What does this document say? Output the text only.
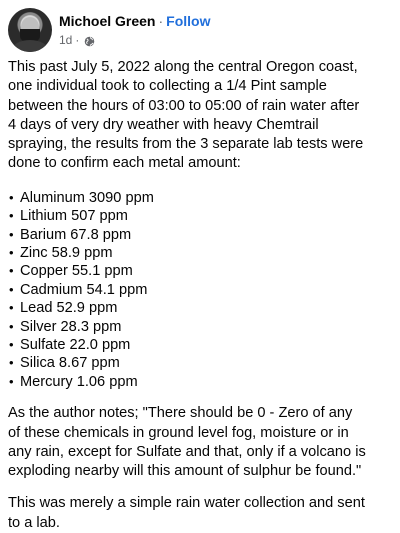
Michoel Green · Follow
1d ·

This past July 5, 2022 along the central Oregon coast,
one individual took to collecting a 1/4 Pint sample
between the hours of 03:00 to 05:00 of rain water after
4 days of very dry weather with heavy Chemtrail
spraying, the results from the 3 separate lab tests were
done to confirm each metal amount:

• Aluminum 3090 ppm
• Lithium 507 ppm
• Barium 67.8 ppm
• Zinc 58.9 ppm
• Copper 55.1 ppm
• Cadmium 54.1 ppm
• Lead 52.9 ppm
• Silver 28.3 ppm
• Sulfate 22.0 ppm
• Silica 8.67 ppm
• Mercury 1.06 ppm

As the author notes; "There should be 0 - Zero of any
of these chemicals in ground level fog, moisture or in
any rain, except for Sulfate and that, only if a volcano is
exploding nearby will this amount of sulphur be found."

This was merely a simple rain water collection and sent
to a lab.
